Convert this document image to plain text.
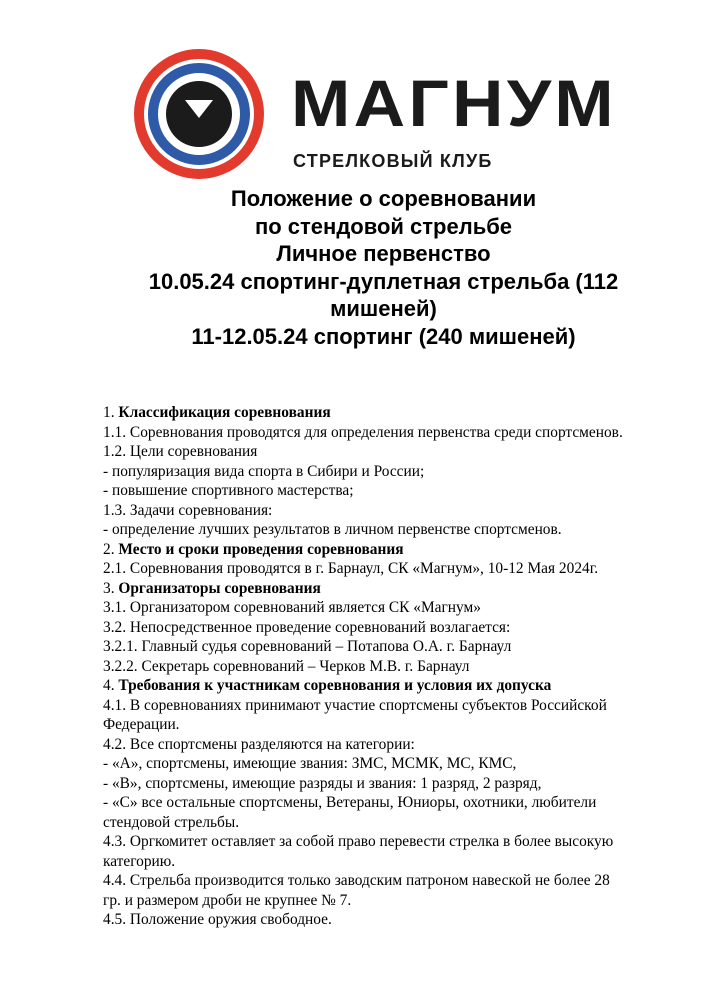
МАГНУМ
СТРЕЛКОВЫЙ КЛУБ
Положение о соревновании
по стендовой стрельбе
Личное первенство
10.05.24 спортинг-дуплетная стрельба (112
мишеней)
11-12.05.24 спортинг (240 мишеней)
1. Классификация соревнования
1.1. Соревнования проводятся для определения первенства среди спортсменов.
1.2. Цели соревнования
- популяризация вида спорта в Сибири и России;
- повышение спортивного мастерства;
1.3. Задачи соревнования:
- определение лучших результатов в личном первенстве спортсменов.
2. Место и сроки проведения соревнования
2.1. Соревнования проводятся в г. Барнаул, СК «Магнум», 10-12 Мая 2024г.
3. Организаторы соревнования
3.1. Организатором соревнований является СК «Магнум»
3.2. Непосредственное проведение соревнований возлагается:
3.2.1. Главный судья соревнований – Потапова О.А. г. Барнаул
3.2.2. Секретарь соревнований – Черков М.В. г. Барнаул
4. Требования к участникам соревнования и условия их допуска
4.1. В соревнованиях принимают участие спортсмены субъектов Российской
Федерации.
4.2. Все спортсмены разделяются на категории:
- «А», спортсмены, имеющие звания: ЗМС, МСМК, МС, КМС,
- «В», спортсмены, имеющие разряды и звания: 1 разряд, 2 разряд,
- «С» все остальные спортсмены, Ветераны, Юниоры, охотники, любители
стендовой стрельбы.
4.3. Оргкомитет оставляет за собой право перевести стрелка в более высокую
категорию.
4.4. Стрельба производится только заводским патроном навеской не более 28
гр. и размером дроби не крупнее № 7.
4.5. Положение оружия свободное.
